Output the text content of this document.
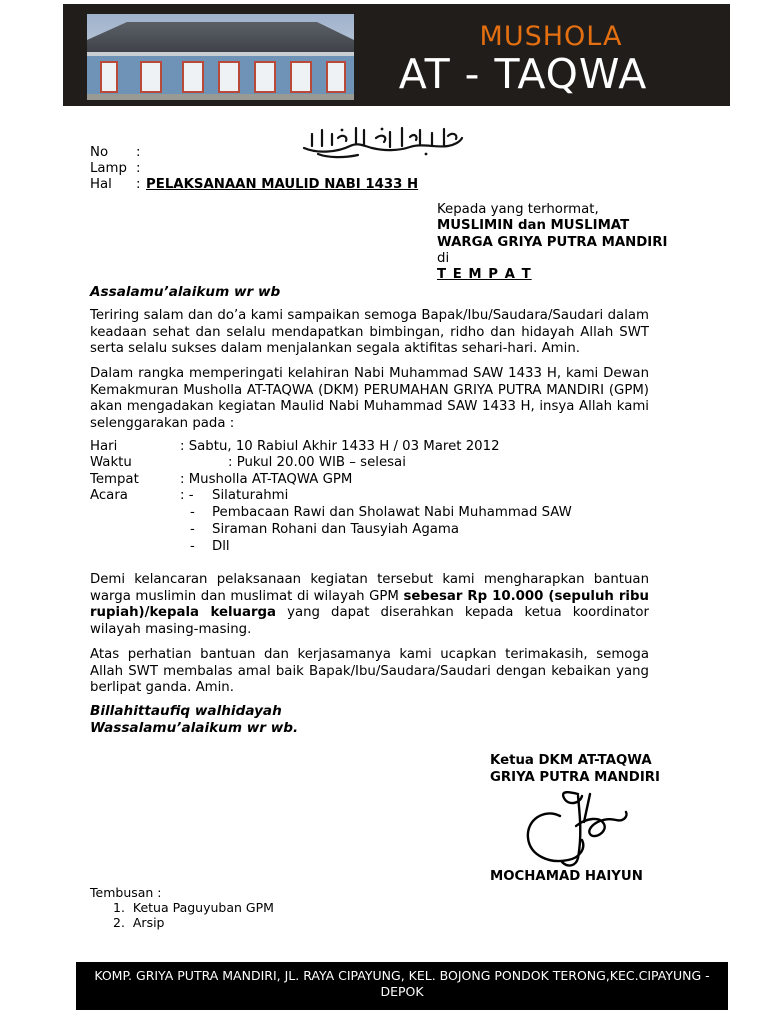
MUSHOLA
AT - TAQWA
No :
Lamp :
Hal : PELAKSANAAN MAULID NABI 1433 H
Kepada yang terhormat,
MUSLIMIN dan MUSLIMAT
WARGA GRIYA PUTRA MANDIRI
di
T E M P A T
Assalamu’alaikum wr wb
Teriring salam dan do’a kami sampaikan semoga Bapak/Ibu/Saudara/Saudari dalam keadaan sehat dan selalu mendapatkan bimbingan, ridho dan hidayah Allah SWT serta selalu sukses dalam menjalankan segala aktifitas sehari-hari. Amin.
Dalam rangka memperingati kelahiran Nabi Muhammad SAW 1433 H, kami Dewan Kemakmuran Musholla AT-TAQWA (DKM) PERUMAHAN GRIYA PUTRA MANDIRI (GPM) akan mengadakan kegiatan Maulid Nabi Muhammad SAW 1433 H, insya Allah kami selenggarakan pada :
Hari	: Sabtu, 10 Rabiul Akhir 1433 H / 03 Maret 2012
Waktu	: Pukul 20.00 WIB – selesai
Tempat	: Musholla AT-TAQWA GPM
Acara	: - Silaturahmi
- Pembacaan Rawi dan Sholawat Nabi Muhammad SAW
- Siraman Rohani dan Tausyiah Agama
- Dll
Demi kelancaran pelaksanaan kegiatan tersebut kami mengharapkan bantuan warga muslimin dan muslimat di wilayah GPM sebesar Rp 10.000 (sepuluh ribu rupiah)/kepala keluarga yang dapat diserahkan kepada ketua koordinator wilayah masing-masing.
Atas perhatian bantuan dan kerjasamanya kami ucapkan terimakasih, semoga Allah SWT membalas amal baik Bapak/Ibu/Saudara/Saudari dengan kebaikan yang berlipat ganda. Amin.
Billahittaufiq walhidayah
Wassalamu’alaikum wr wb.
Ketua DKM AT-TAQWA
GRIYA PUTRA MANDIRI
MOCHAMAD HAIYUN
Tembusan :
1.  Ketua Paguyuban GPM
2.  Arsip
KOMP. GRIYA PUTRA MANDIRI, JL. RAYA CIPAYUNG, KEL. BOJONG PONDOK TERONG,KEC.CIPAYUNG - DEPOK
